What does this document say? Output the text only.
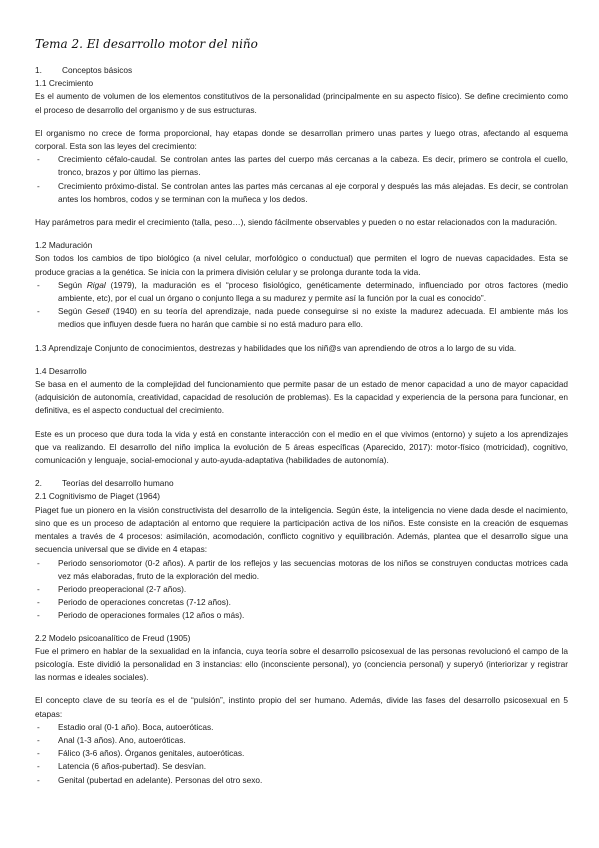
Tema 2. El desarrollo motor del niño
1.	Conceptos básicos
1.1 Crecimiento

Es el aumento de volumen de los elementos constitutivos de la personalidad (principalmente en su aspecto físico). Se define crecimiento como el proceso de desarrollo del organismo y de sus estructuras.

El organismo no crece de forma proporcional, hay etapas donde se desarrollan primero unas partes y luego otras, afectando al esquema corporal. Esta son las leyes del crecimiento:

- Crecimiento céfalo-caudal. Se controlan antes las partes del cuerpo más cercanas a la cabeza. Es decir, primero se controla el cuello, tronco, brazos y por último las piernas.
- Crecimiento próximo-distal. Se controlan antes las partes más cercanas al eje corporal y después las más alejadas. Es decir, se controlan antes los hombros, codos y se terminan con la muñeca y los dedos.

Hay parámetros para medir el crecimiento (talla, peso…), siendo fácilmente observables y pueden o no estar relacionados con la maduración.

1.2 Maduración

Son todos los cambios de tipo biológico (a nivel celular, morfológico o conductual) que permiten el logro de nuevas capacidades. Esta se produce gracias a la genética. Se inicia con la primera división celular y se prolonga durante toda la vida.

- Según Rigal (1979), la maduración es el “proceso fisiológico, genéticamente determinado, influenciado por otros factores (medio ambiente, etc), por el cual un órgano o conjunto llega a su madurez y permite así la función por la cual es conocido”.
- Según Gesell (1940) en su teoría del aprendizaje, nada puede conseguirse si no existe la madurez adecuada. El ambiente más los medios que influyen desde fuera no harán que cambie si no está maduro para ello.

1.3 Aprendizaje Conjunto de conocimientos, destrezas y habilidades que los niñ@s van aprendiendo de otros a lo largo de su vida.

1.4 Desarrollo

Se basa en el aumento de la complejidad del funcionamiento que permite pasar de un estado de menor capacidad a uno de mayor capacidad (adquisición de autonomía, creatividad, capacidad de resolución de problemas). Es la capacidad y experiencia de la persona para funcionar, en definitiva, es el aspecto conductual del crecimiento.

Este es un proceso que dura toda la vida y está en constante interacción con el medio en el que vivimos (entorno) y sujeto a los aprendizajes que va realizando. El desarrollo del niño implica la evolución de 5 áreas específicas (Aparecido, 2017): motor-físico (motricidad), cognitivo, comunicación y lenguaje, social-emocional y auto-ayuda-adaptativa (habilidades de autonomía).

2.	Teorías del desarrollo humano
2.1 Cognitivismo de Piaget (1964)

Piaget fue un pionero en la visión constructivista del desarrollo de la inteligencia. Según éste, la inteligencia no viene dada desde el nacimiento, sino que es un proceso de adaptación al entorno que requiere la participación activa de los niños. Este consiste en la creación de esquemas mentales a través de 4 procesos: asimilación, acomodación, conflicto cognitivo y equilibración. Además, plantea que el desarrollo sigue una secuencia universal que se divide en 4 etapas:

- Periodo sensoriomotor (0-2 años). A partir de los reflejos y las secuencias motoras de los niños se construyen conductas motrices cada vez más elaboradas, fruto de la exploración del medio.
- Periodo preoperacional (2-7 años).
- Periodo de operaciones concretas (7-12 años).
- Periodo de operaciones formales (12 años o más).
2.2 Modelo psicoanalítico de Freud (1905)

Fue el primero en hablar de la sexualidad en la infancia, cuya teoría sobre el desarrollo psicosexual de las personas revolucionó el campo de la psicología. Este dividió la personalidad en 3 instancias: ello (inconsciente personal), yo (conciencia personal) y superyó (interiorizar y registrar las normas e ideales sociales).

El concepto clave de su teoría es el de “pulsión”, instinto propio del ser humano. Además, divide las fases del desarrollo psicosexual en 5 etapas:

- Estadio oral (0-1 año). Boca, autoeróticas.
- Anal (1-3 años). Ano, autoeróticas.
- Fálico (3-6 años). Órganos genitales, autoeróticas.
- Latencia (6 años-pubertad). Se desvían.
- Genital (pubertad en adelante). Personas del otro sexo.
